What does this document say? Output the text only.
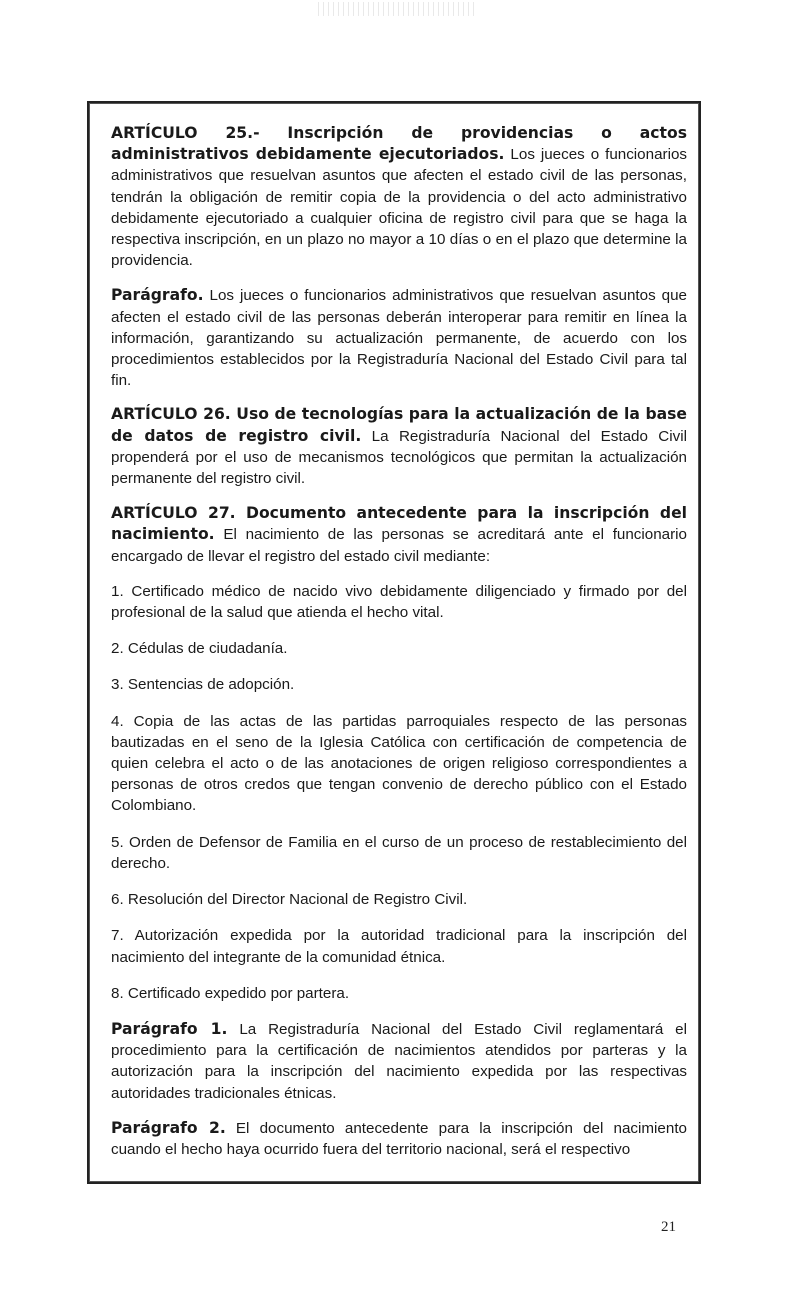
ARTÍCULO 25.- Inscripción de providencias o actos administrativos debidamente ejecutoriados. Los jueces o funcionarios administrativos que resuelvan asuntos que afecten el estado civil de las personas, tendrán la obligación de remitir copia de la providencia o del acto administrativo debidamente ejecutoriado a cualquier oficina de registro civil para que se haga la respectiva inscripción, en un plazo no mayor a 10 días o en el plazo que determine la providencia.

Parágrafo. Los jueces o funcionarios administrativos que resuelvan asuntos que afecten el estado civil de las personas deberán interoperar para remitir en línea la información, garantizando su actualización permanente, de acuerdo con los procedimientos establecidos por la Registraduría Nacional del Estado Civil para tal fin.

ARTÍCULO 26. Uso de tecnologías para la actualización de la base de datos de registro civil. La Registraduría Nacional del Estado Civil propenderá por el uso de mecanismos tecnológicos que permitan la actualización permanente del registro civil.

ARTÍCULO 27. Documento antecedente para la inscripción del nacimiento. El nacimiento de las personas se acreditará ante el funcionario encargado de llevar el registro del estado civil mediante:

1. Certificado médico de nacido vivo debidamente diligenciado y firmado por del profesional de la salud que atienda el hecho vital.

2. Cédulas de ciudadanía.

3. Sentencias de adopción.

4. Copia de las actas de las partidas parroquiales respecto de las personas bautizadas en el seno de la Iglesia Católica con certificación de competencia de quien celebra el acto o de las anotaciones de origen religioso correspondientes a personas de otros credos que tengan convenio de derecho público con el Estado Colombiano.

5. Orden de Defensor de Familia en el curso de un proceso de restablecimiento del derecho.

6. Resolución del Director Nacional de Registro Civil.

7. Autorización expedida por la autoridad tradicional para la inscripción del nacimiento del integrante de la comunidad étnica.

8. Certificado expedido por partera.

Parágrafo 1. La Registraduría Nacional del Estado Civil reglamentará el procedimiento para la certificación de nacimientos atendidos por parteras y la autorización para la inscripción del nacimiento expedida por las respectivas autoridades tradicionales étnicas.

Parágrafo 2. El documento antecedente para la inscripción del nacimiento cuando el hecho haya ocurrido fuera del territorio nacional, será el respectivo

21
